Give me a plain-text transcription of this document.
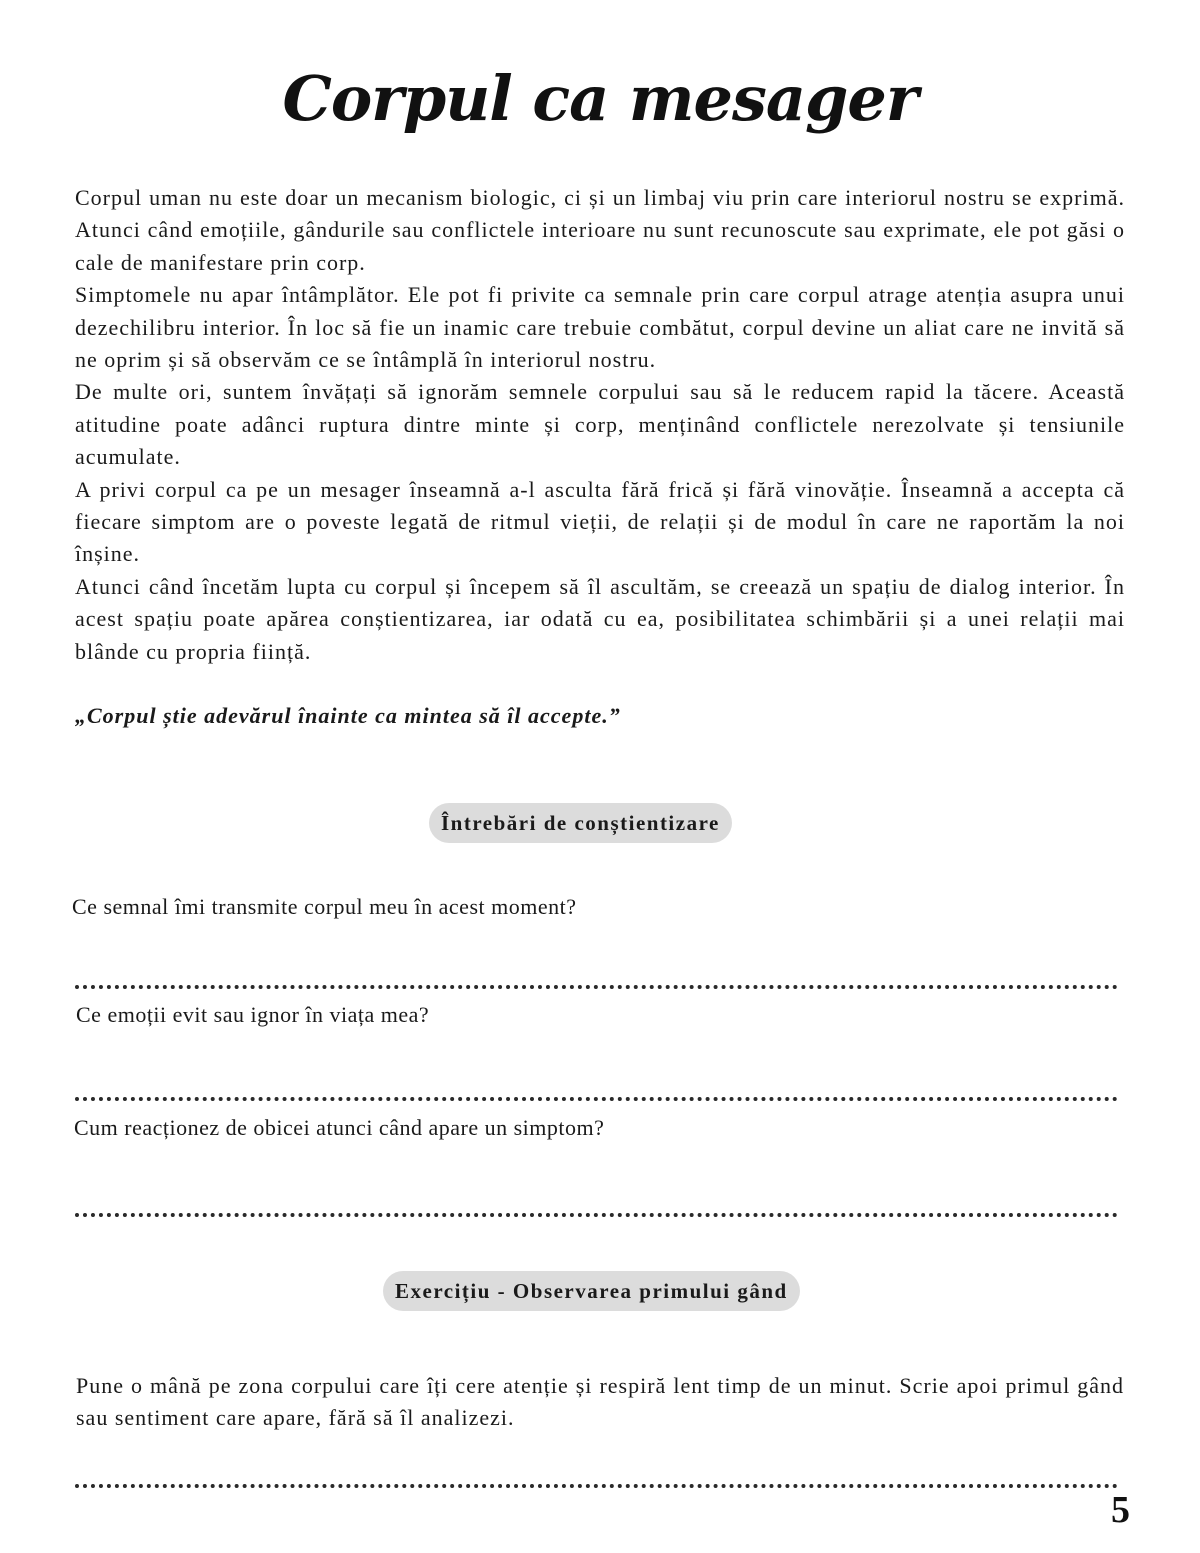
Corpul ca mesager

Corpul uman nu este doar un mecanism biologic, ci și un limbaj viu prin care interiorul nostru se exprimă. Atunci când emoțiile, gândurile sau conflictele interioare nu sunt recunoscute sau exprimate, ele pot găsi o cale de manifestare prin corp.

Simptomele nu apar întâmplător. Ele pot fi privite ca semnale prin care corpul atrage atenția asupra unui dezechilibru interior. În loc să fie un inamic care trebuie combătut, corpul devine un aliat care ne invită să ne oprim și să observăm ce se întâmplă în interiorul nostru.

De multe ori, suntem învățați să ignorăm semnele corpului sau să le reducem rapid la tăcere. Această atitudine poate adânci ruptura dintre minte și corp, menținând conflictele nerezolvate și tensiunile acumulate.

A privi corpul ca pe un mesager înseamnă a-l asculta fără frică și fără vinovăție. Înseamnă a accepta că fiecare simptom are o poveste legată de ritmul vieții, de relații și de modul în care ne raportăm la noi înșine.

Atunci când încetăm lupta cu corpul și începem să îl ascultăm, se creează un spațiu de dialog interior. În acest spațiu poate apărea conștientizarea, iar odată cu ea, posibilitatea schimbării și a unei relații mai blânde cu propria ființă.

„Corpul știe adevărul înainte ca mintea să îl accepte.”

Întrebări de conștientizare

Ce semnal îmi transmite corpul meu în acest moment?

Ce emoții evit sau ignor în viața mea?

Cum reacționez de obicei atunci când apare un simptom?

Exercițiu - Observarea primului gând

Pune o mână pe zona corpului care îți cere atenție și respiră lent timp de un minut. Scrie apoi primul gând sau sentiment care apare, fără să îl analizezi.

5
